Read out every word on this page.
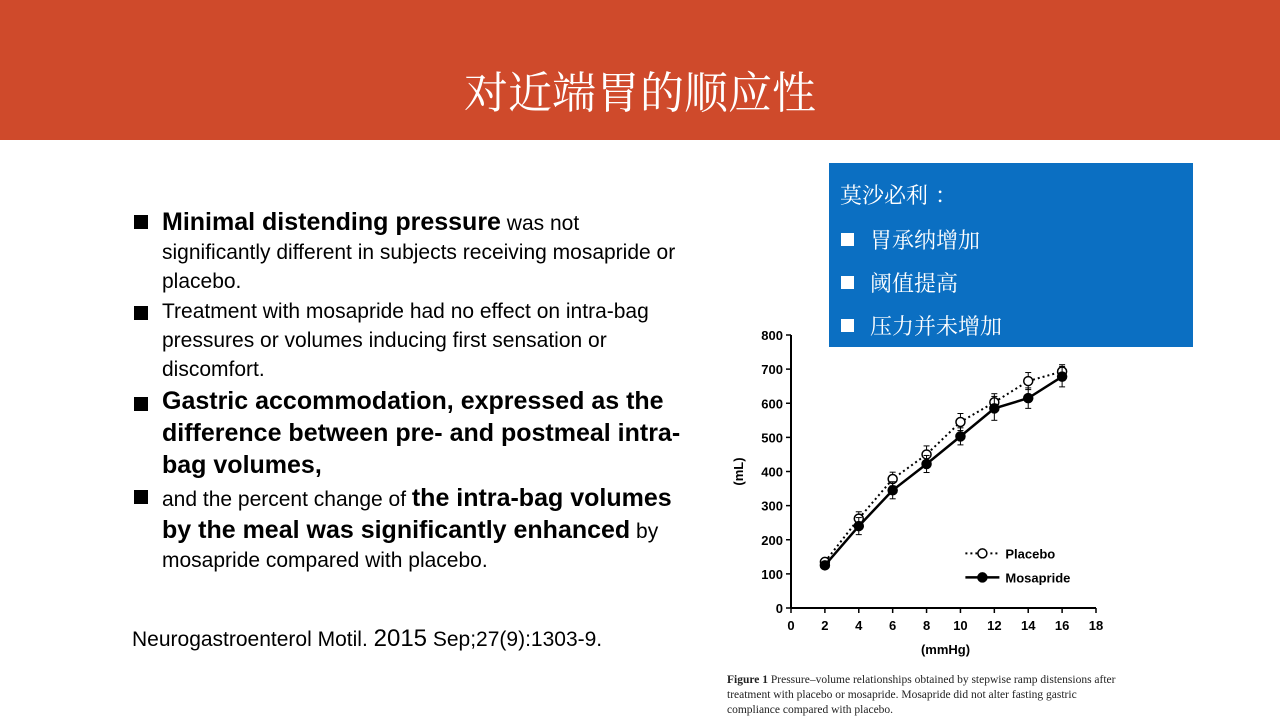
对近端胃的顺应性
Minimal distending pressure was not significantly different in subjects receiving mosapride or placebo.
Treatment with mosapride had no effect on intra-bag pressures or volumes inducing first sensation or discomfort.
Gastric accommodation, expressed as the difference between pre- and postmeal intra-bag volumes,
and the percent change of the intra-bag volumes by the meal was significantly enhanced by mosapride compared with placebo.
Neurogastroenterol Motil. 2015 Sep;27(9):1303-9.
0
100
200
300
400
500
600
700
800
0 2 4 6 8 10 12 14 16 18
(mmHg)
(mL)
Placebo
Mosapride
莫沙必利 ：
胃承纳增加
阈值提高
压力并未增加
Figure 1 Pressure–volume relationships obtained by stepwise ramp distensions after treatment with placebo or mosapride. Mosapride did not alter fasting gastric compliance compared with placebo.
